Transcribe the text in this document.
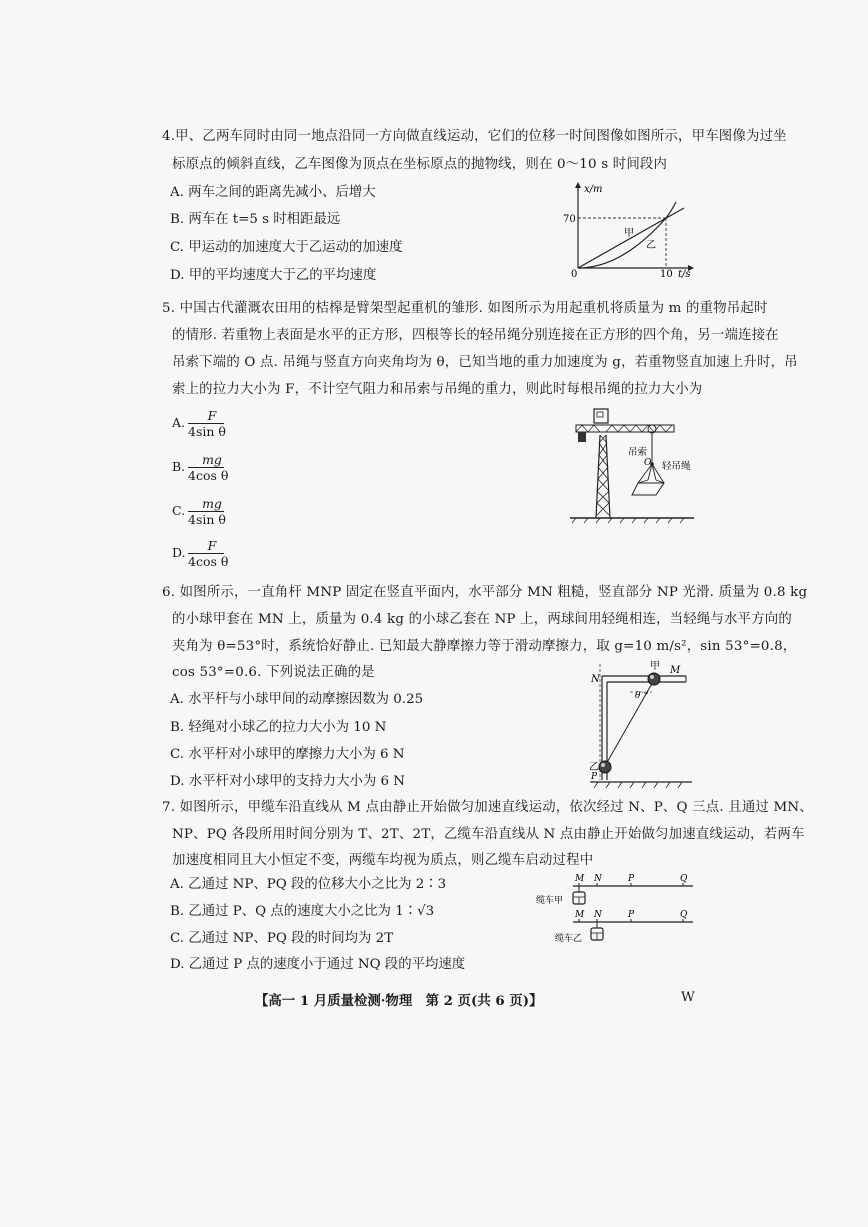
4.甲、乙两车同时由同一地点沿同一方向做直线运动，它们的位移一时间图像如图所示，甲车图像为过坐
标原点的倾斜直线，乙车图像为顶点在坐标原点的抛物线，则在 0～10 s 时间段内
A. 两车之间的距离先减小、后增大
B. 两车在 t=5 s 时相距最远
C. 甲运动的加速度大于乙运动的加速度
D. 甲的平均速度大于乙的平均速度
x/m
t/s
70
10
0
甲
乙
5. 中国古代灌溉农田用的桔槔是臂架型起重机的雏形. 如图所示为用起重机将质量为 m 的重物吊起时
的情形. 若重物上表面是水平的正方形，四根等长的轻吊绳分别连接在正方形的四个角，另一端连接在
吊索下端的 O 点. 吊绳与竖直方向夹角均为 θ，已知当地的重力加速度为 g，若重物竖直加速上升时，吊
索上的拉力大小为 F，不计空气阻力和吊索与吊绳的重力，则此时每根吊绳的拉力大小为
A.	F
4sin θ
B.	mg
4cos θ
C.	mg
4sin θ
D.	F
4cos θ
吊索
O 轻吊绳
6. 如图所示，一直角杆 MNP 固定在竖直平面内，水平部分 MN 粗糙，竖直部分 NP 光滑. 质量为 0.8 kg
的小球甲套在 MN 上，质量为 0.4 kg 的小球乙套在 NP 上，两球间用轻绳相连，当轻绳与水平方向的
夹角为 θ=53°时，系统恰好静止. 已知最大静摩擦力等于滑动摩擦力，取 g=10 m/s²，sin 53°=0.8，
cos 53°=0.6. 下列说法正确的是
A. 水平杆与小球甲间的动摩擦因数为 0.25
B. 轻绳对小球乙的拉力大小为 10 N
C. 水平杆对小球甲的摩擦力大小为 6 N
D. 水平杆对小球甲的支持力大小为 6 N
N
甲 M
θ
乙
P
7. 如图所示，甲缆车沿直线从 M 点由静止开始做匀加速直线运动，依次经过 N、P、Q 三点. 且通过 MN、
NP、PQ 各段所用时间分别为 T、2T、2T，乙缆车沿直线从 N 点由静止开始做匀加速直线运动，若两车
加速度相同且大小恒定不变，两缆车均视为质点，则乙缆车启动过程中
A. 乙通过 NP、PQ 段的位移大小之比为 2∶3
B. 乙通过 P、Q 点的速度大小之比为 1∶√3
C. 乙通过 NP、PQ 段的时间均为 2T
D. 乙通过 P 点的速度小于通过 NQ 段的平均速度
M N	P	Q
缆车甲
M N	P	Q
缆车乙
【高一 1 月质量检测·物理　第 2 页(共 6 页)】	W
